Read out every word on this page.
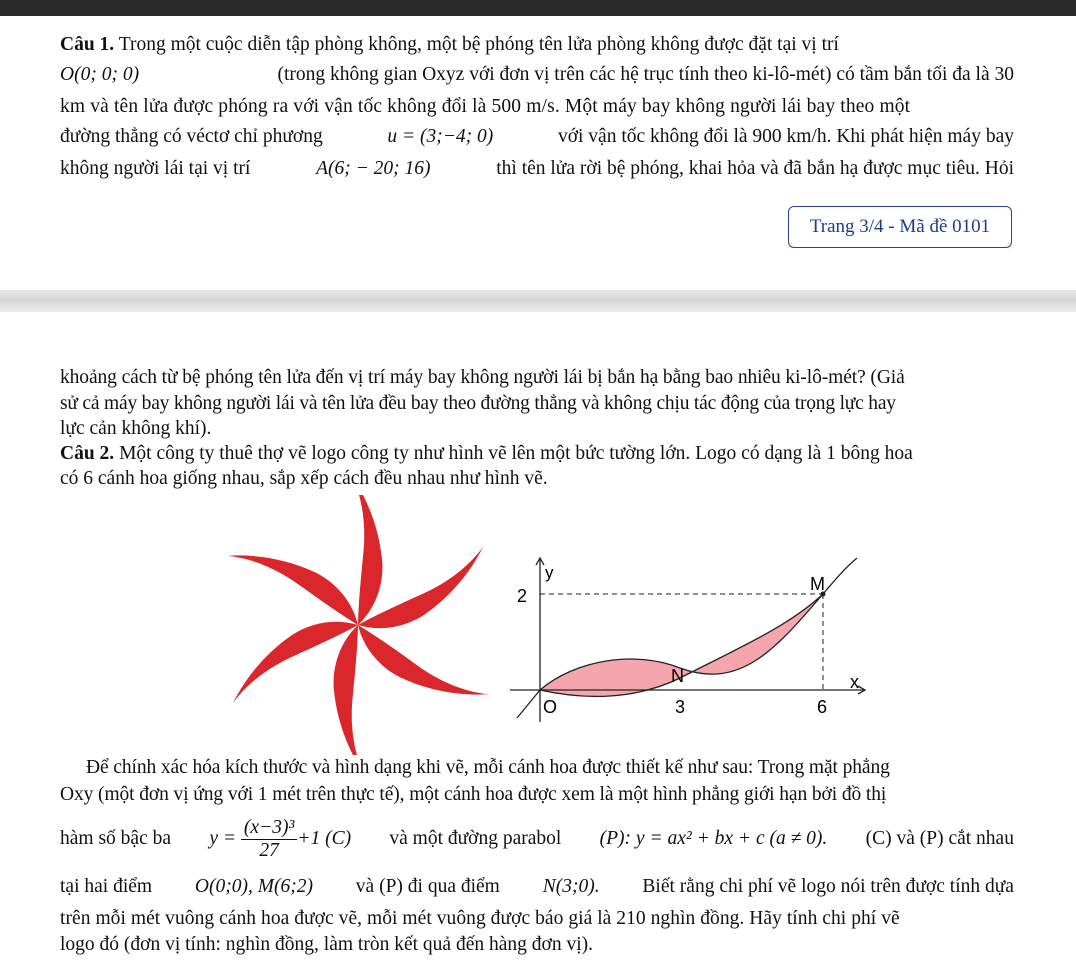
Câu 1. Trong một cuộc diễn tập phòng không, một bệ phóng tên lửa phòng không được đặt tại vị trí
O(0; 0; 0)	(trong không gian Oxyz với đơn vị trên các hệ trục tính theo ki-lô-mét) có tầm bắn tối đa là 30
km và tên lửa được phóng ra với vận tốc không đổi là 500 m/s. Một máy bay không người lái bay theo một
đường thẳng có véctơ chỉ phương	u = (3;−4; 0)	với vận tốc không đổi là 900 km/h. Khi phát hiện máy bay
không người lái tại vị trí	A(6; − 20; 16)	thì tên lửa rời bệ phóng, khai hỏa và đã bắn hạ được mục tiêu. Hỏi
Trang 3/4 - Mã đề 0101
khoảng cách từ bệ phóng tên lửa đến vị trí máy bay không người lái bị bắn hạ bằng bao nhiêu ki-lô-mét? (Giả
sử cả máy bay không người lái và tên lửa đều bay theo đường thẳng và không chịu tác động của trọng lực hay
lực cản không khí).
Câu 2. Một công ty thuê thợ vẽ logo công ty như hình vẽ lên một bức tường lớn. Logo có dạng là 1 bông hoa
có 6 cánh hoa giống nhau, sắp xếp cách đều nhau như hình vẽ.
y
2
M
N	x
O	3	6
Để chính xác hóa kích thước và hình dạng khi vẽ, mỗi cánh hoa được thiết kế như sau: Trong mặt phẳng
Oxy (một đơn vị ứng với 1 mét trên thực tế), một cánh hoa được xem là một hình phẳng giới hạn bởi đồ thị
hàm số bậc ba $y = \frac{\text{(x−3)³}}{27} +1$ (C) và một đường parabol (P): y = ax² + bx + c (a ≠ 0). (C) và (P) cắt nhau
tại hai điểm O(0;0), M(6;2) và (P) đi qua điểm N(3;0). Biết rằng chi phí vẽ logo nói trên được tính dựa
trên mỗi mét vuông cánh hoa được vẽ, mỗi mét vuông được báo giá là 210 nghìn đồng. Hãy tính chi phí vẽ
logo đó (đơn vị tính: nghìn đồng, làm tròn kết quả đến hàng đơn vị).
